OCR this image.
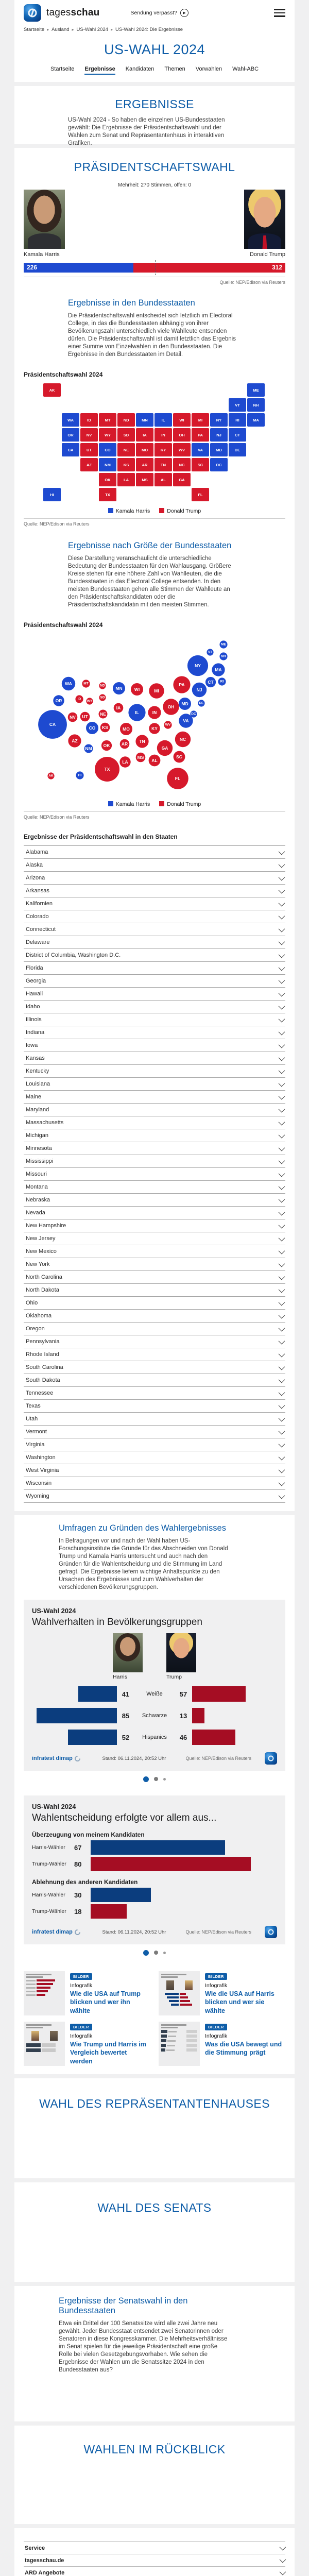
tagesschau	Sendung verpasst?	▶
Startseite ▸ Ausland ▸ US-Wahl 2024 ▸ US-Wahl 2024: Die Ergebnisse
US-WAHL 2024
Startseite Ergebnisse Kandidaten Themen Vorwahlen Wahl-ABC
ERGEBNISSE

US-Wahl 2024 - So haben die einzelnen US-Bundesstaaten gewählt: Die Ergebnisse der Präsidentschaftswahl und der Wahlen zum Senat und Repräsentantenhaus in interaktiven Grafiken.

PRÄSIDENTSCHAFTSWAHL
Mehrheit: 270 Stimmen, offen: 0
Kamala Harris	Donald Trump
226	312
Quelle: NEP/Edison via Reuters
Ergebnisse in den Bundesstaaten

Die Präsidentschaftswahl entscheidet sich letztlich im Electoral College, in das die Bundesstaaten abhängig von ihrer Bevölkerungszahl unterschiedlich viele Wahlleute entsenden dürfen. Die Präsidentschaftswahl ist damit letztlich das Ergebnis einer Summe von Einzelwahlen in den Bundesstaaten. Die Ergebnisse in den Bundesstaaten im Detail.

Präsidentschaftswahl 2024
AL
AK
AZ	AR
CA	CO
CT
DE
DC
FL
GA
HI
ID	IL
IN
IA
KS
KY
LA
ME
MD
MA
MI
MN
MS
MO
MT
NE
NV
NH
NJ
NM
NY
NC
ND
OH
OK
OR	PA
RI
SC
SD
TN
TX
UT
VT
VA
WA
WV
WI
WY
Kamala Harris	Donald Trump
Quelle: NEP/Edison via Reuters
Ergebnisse nach Größe der Bundesstaaten

Diese Darstellung veranschaulicht die unterschiedliche Bedeutung der Bundesstaaten für den Wahlausgang. Größere Kreise stehen für eine höhere Zahl von Wahlleuten, die die Bundesstaaten in das Electoral College entsenden. In den meisten Bundesstaaten gehen alle Stimmen der Wahlleute an den Präsidentschaftskandidaten oder die Präsidentschaftskandidatin mit den meisten Stimmen.

Präsidentschaftswahl 2024
AL
AK
AZ
AR
CA
CO
CT
DE
DC
FL
GA
HI
ID
IL	IN
IA
KS	KY
LA
ME
MD
MA
MI
MN
MS
MO
MT
NE
NV
NH
NJ
NM
NY
NC
ND
OH
OK
OR
PA
RI
SC
SD
TN
TX
UT
VT
VA
WA
WV
WI
WY
Kamala Harris	Donald Trump
Quelle: NEP/Edison via Reuters
Ergebnisse der Präsidentschaftswahl in den Staaten
Alabama
Alaska
Arizona
Arkansas
Kalifornien
Colorado
Connecticut
Delaware
District of Columbia, Washington D.C.
Florida
Georgia
Hawaii
Idaho
Illinois
Indiana
Iowa
Kansas
Kentucky
Louisiana
Maine
Maryland
Massachusetts
Michigan
Minnesota
Mississippi
Missouri
Montana
Nebraska
Nevada
New Hampshire
New Jersey
New Mexico
New York
North Carolina
North Dakota
Ohio
Oklahoma
Oregon
Pennsylvania
Rhode Island
South Carolina
South Dakota
Tennessee
Texas
Utah
Vermont
Virginia
Washington
West Virginia
Wisconsin
Wyoming
Umfragen zu Gründen des Wahlergebnisses

In Befragungen vor und nach der Wahl haben US-Forschungsinstitute die Gründe für das Abschneiden von Donald Trump und Kamala Harris untersucht und auch nach den Gründen für die Wahlentscheidung und die Stimmung im Land gefragt. Die Ergebnisse liefern wichtige Anhaltspunkte zu den Ursachen des Ergebnisses und zum Wahlverhalten der verschiedenen Bevölkerungsgruppen.

US-Wahl 2024
Wahlverhalten in Bevölkerungsgruppen
Harris	Trump
41	Weiße	57
85	Schwarze	13
52	Hispanics	46
infratest dimap	Stand: 06.11.2024, 20:52 Uhr	Quelle: NEP/Edison via Reuters
US-Wahl 2024
Wahlentscheidung erfolgte vor allem aus...
Überzeugung von meinem Kandidaten
Harris-Wähler	67
Trump-Wähler	80
Ablehnung des anderen Kandidaten
Harris-Wähler	30
Trump-Wähler	18
infratest dimap	Stand: 06.11.2024, 20:52 Uhr	Quelle: NEP/Edison via Reuters
BILDER
Infografik
Wie die USA auf Trump blicken und wer ihn wählte
BILDER
Infografik
Wie die USA auf Harris blicken und wer sie wählte
BILDER
Infografik
Wie Trump und Harris im Vergleich bewertet werden
BILDER
Infografik
Was die USA bewegt und die Stimmung prägt
WAHL DES REPRÄSENTANTENHAUSES
WAHL DES SENATS
Ergebnisse der Senatswahl in den Bundesstaaten

Etwa ein Drittel der 100 Senatssitze wird alle zwei Jahre neu gewählt. Jeder Bundesstaat entsendet zwei Senatorinnen oder Senatoren in diese Kongresskammer. Die Mehrheitsverhältnisse im Senat spielen für die jeweilige Präsidentschaft eine große Rolle bei vielen Gesetzgebungsvorhaben. Wie sehen die Ergebnisse der Wahlen um die Senatssitze 2024 in den Bundesstaaten aus?

WAHLEN IM RÜCKBLICK
Service
tagesschau.de
ARD Angebote
